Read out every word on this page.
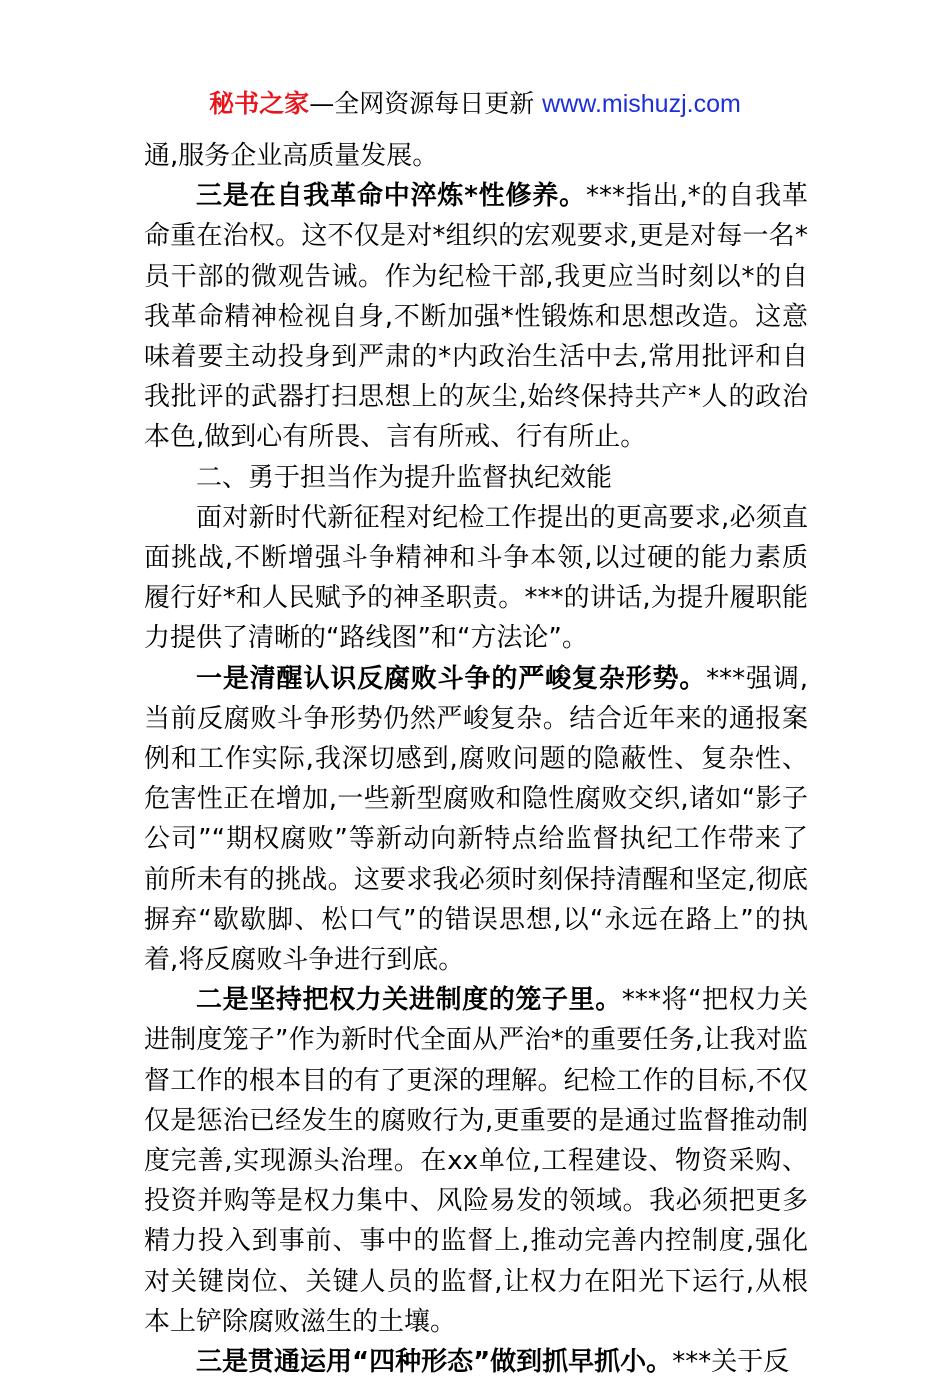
秘书之家—全网资源每日更新 www.mishuzj.com

通,服务企业高质量发展。

三是在自我革命中淬炼*性修养。***指出,*的自我革命重在治权。这不仅是对*组织的宏观要求,更是对每一名*员干部的微观告诫。作为纪检干部,我更应当时刻以*的自我革命精神检视自身,不断加强*性锻炼和思想改造。这意味着要主动投身到严肃的*内政治生活中去,常用批评和自我批评的武器打扫思想上的灰尘,始终保持共产*人的政治本色,做到心有所畏、言有所戒、行有所止。

二、勇于担当作为提升监督执纪效能

面对新时代新征程对纪检工作提出的更高要求,必须直面挑战,不断增强斗争精神和斗争本领,以过硬的能力素质履行好*和人民赋予的神圣职责。***的讲话,为提升履职能力提供了清晰的“路线图”和“方法论”。

一是清醒认识反腐败斗争的严峻复杂形势。***强调,当前反腐败斗争形势仍然严峻复杂。结合近年来的通报案例和工作实际,我深切感到,腐败问题的隐蔽性、复杂性、危害性正在增加,一些新型腐败和隐性腐败交织,诸如“影子公司”“期权腐败”等新动向新特点给监督执纪工作带来了前所未有的挑战。这要求我必须时刻保持清醒和坚定,彻底摒弃“歇歇脚、松口气”的错误思想,以“永远在路上”的执着,将反腐败斗争进行到底。

二是坚持把权力关进制度的笼子里。***将“把权力关进制度笼子”作为新时代全面从严治*的重要任务,让我对监督工作的根本目的有了更深的理解。纪检工作的目标,不仅仅是惩治已经发生的腐败行为,更重要的是通过监督推动制度完善,实现源头治理。在xx单位,工程建设、物资采购、投资并购等是权力集中、风险易发的领域。我必须把更多精力投入到事前、事中的监督上,推动完善内控制度,强化对关键岗位、关键人员的监督,让权力在阳光下运行,从根本上铲除腐败滋生的土壤。

三是贯通运用“四种形态”做到抓早抓小。***关于反
